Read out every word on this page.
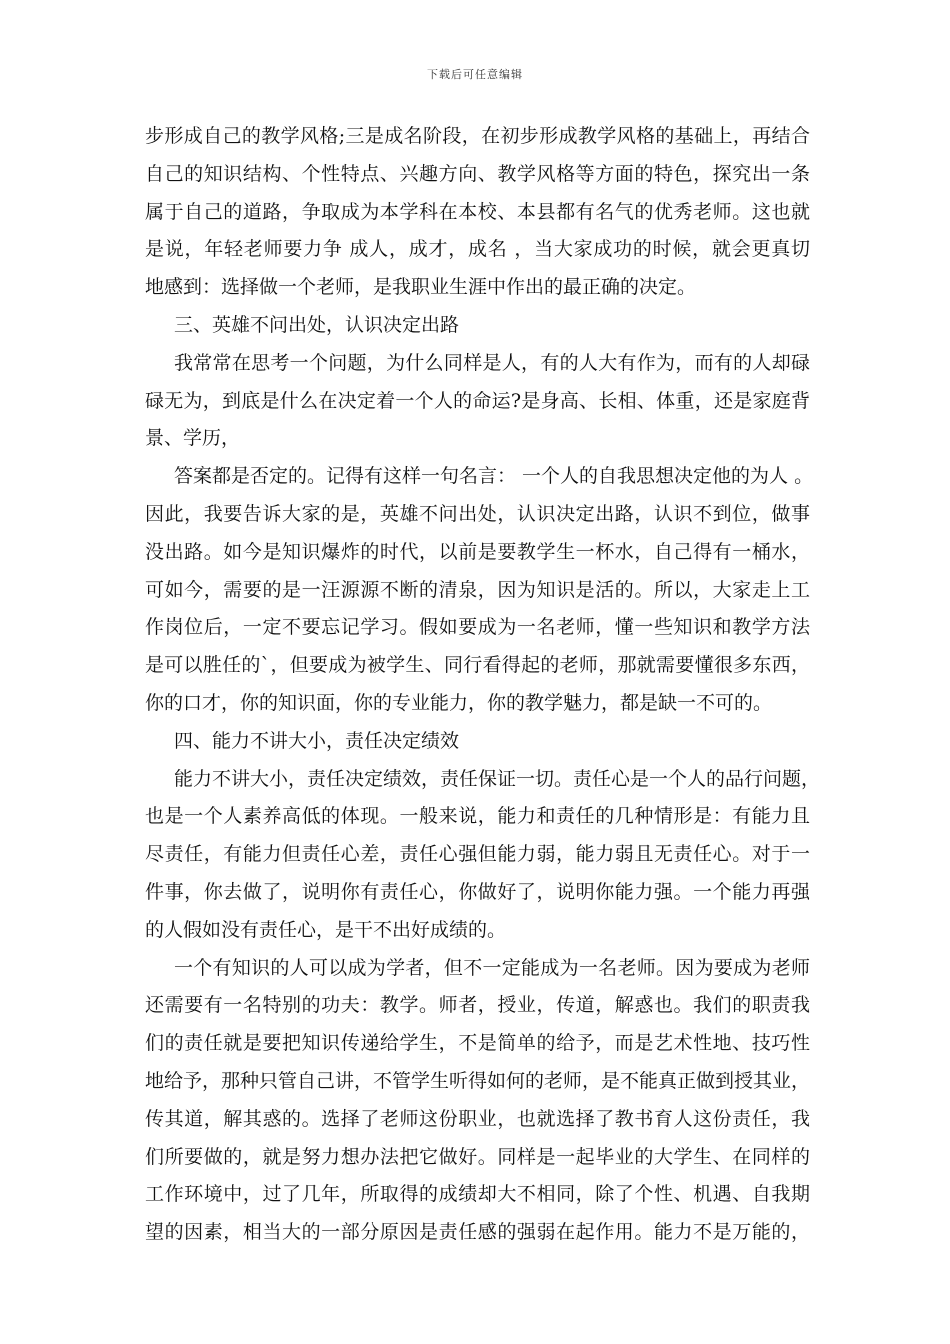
下载后可任意编辑
步形成自己的教学风格;三是成名阶段，在初步形成教学风格的基础上，再结合
自己的知识结构、个性特点、兴趣方向、教学风格等方面的特色，探究出一条
属于自己的道路，争取成为本学科在本校、本县都有名气的优秀老师。这也就
是说，年轻老师要力争 成人，成才，成名 ，当大家成功的时候，就会更真切
地感到：选择做一个老师，是我职业生涯中作出的最正确的决定。
三、英雄不问出处，认识决定出路
我常常在思考一个问题，为什么同样是人，有的人大有作为，而有的人却碌
碌无为，到底是什么在决定着一个人的命运?是身高、长相、体重，还是家庭背
景、学历，
答案都是否定的。记得有这样一句名言： 一个人的自我思想决定他的为人 。
因此，我要告诉大家的是，英雄不问出处，认识决定出路，认识不到位，做事
没出路。如今是知识爆炸的时代，以前是要教学生一杯水，自己得有一桶水，
可如今，需要的是一汪源源不断的清泉，因为知识是活的。所以，大家走上工
作岗位后，一定不要忘记学习。假如要成为一名老师，懂一些知识和教学方法
是可以胜任的`，但要成为被学生、同行看得起的老师，那就需要懂很多东西，
你的口才，你的知识面，你的专业能力，你的教学魅力，都是缺一不可的。
四、能力不讲大小，责任决定绩效
能力不讲大小，责任决定绩效，责任保证一切。责任心是一个人的品行问题，
也是一个人素养高低的体现。一般来说，能力和责任的几种情形是：有能力且
尽责任，有能力但责任心差，责任心强但能力弱，能力弱且无责任心。对于一
件事，你去做了，说明你有责任心，你做好了，说明你能力强。一个能力再强
的人假如没有责任心，是干不出好成绩的。
一个有知识的人可以成为学者，但不一定能成为一名老师。因为要成为老师
还需要有一名特别的功夫：教学。师者，授业，传道，解惑也。我们的职责我
们的责任就是要把知识传递给学生，不是简单的给予，而是艺术性地、技巧性
地给予，那种只管自己讲，不管学生听得如何的老师，是不能真正做到授其业，
传其道，解其惑的。选择了老师这份职业，也就选择了教书育人这份责任，我
们所要做的，就是努力想办法把它做好。同样是一起毕业的大学生、在同样的
工作环境中，过了几年，所取得的成绩却大不相同，除了个性、机遇、自我期
望的因素，相当大的一部分原因是责任感的强弱在起作用。能力不是万能的，
